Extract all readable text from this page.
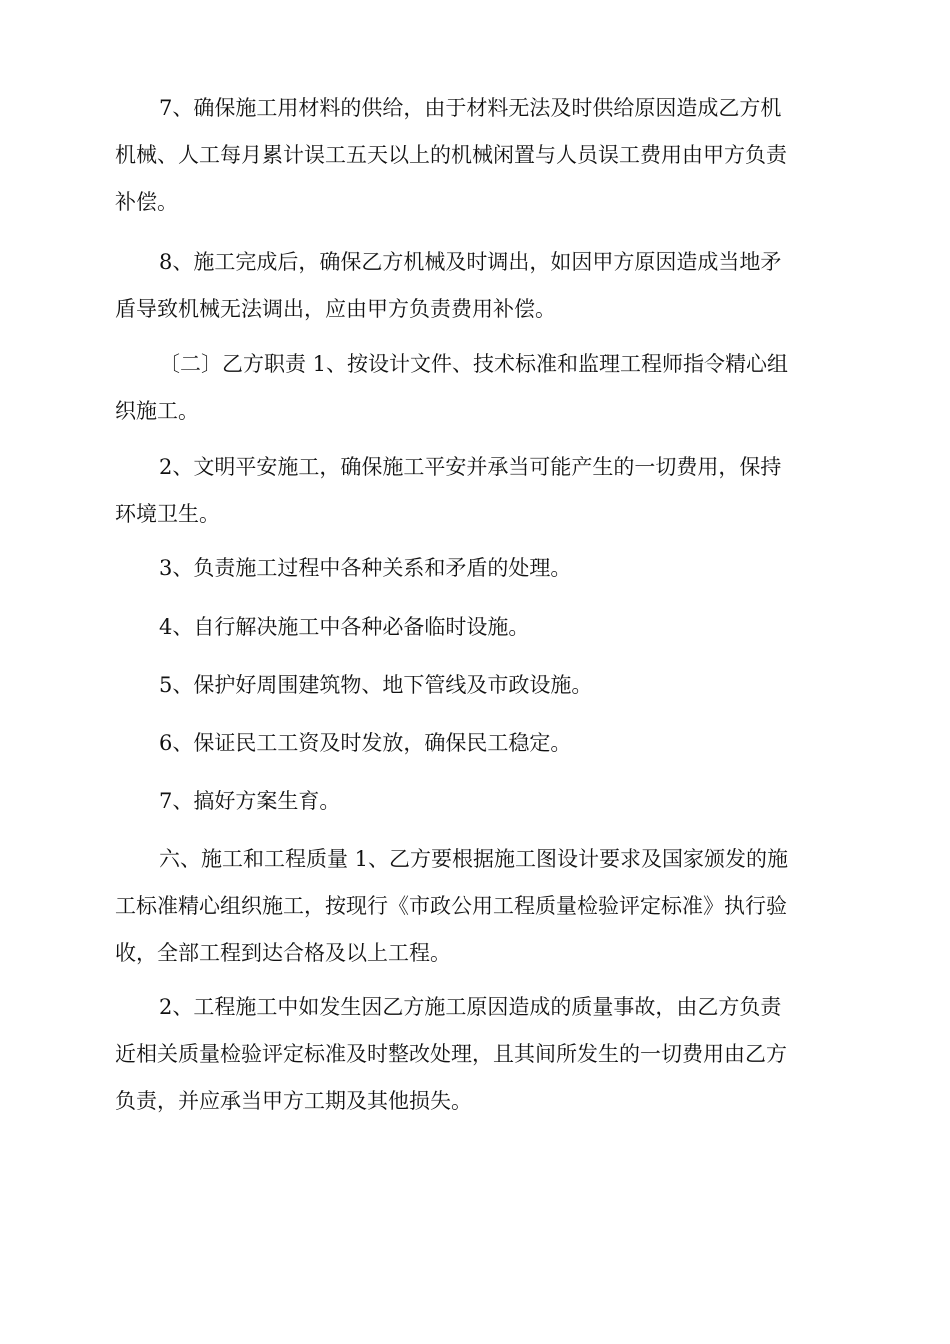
7、确保施工用材料的供给，由于材料无法及时供给原因造成乙方机
机械、人工每月累计误工五天以上的机械闲置与人员误工费用由甲方负责
补偿。

8、施工完成后，确保乙方机械及时调出，如因甲方原因造成当地矛
盾导致机械无法调出，应由甲方负责费用补偿。

〔二〕乙方职责 1、按设计文件、技术标准和监理工程师指令精心组
织施工。

2、文明平安施工，确保施工平安并承当可能产生的一切费用，保持
环境卫生。

3、负责施工过程中各种关系和矛盾的处理。

4、自行解决施工中各种必备临时设施。

5、保护好周围建筑物、地下管线及市政设施。

6、保证民工工资及时发放，确保民工稳定。

7、搞好方案生育。

六、施工和工程质量 1、乙方要根据施工图设计要求及国家颁发的施
工标准精心组织施工，按现行《市政公用工程质量检验评定标准》执行验
收，全部工程到达合格及以上工程。

2、工程施工中如发生因乙方施工原因造成的质量事故，由乙方负责
近相关质量检验评定标准及时整改处理，且其间所发生的一切费用由乙方
负责，并应承当甲方工期及其他损失。
